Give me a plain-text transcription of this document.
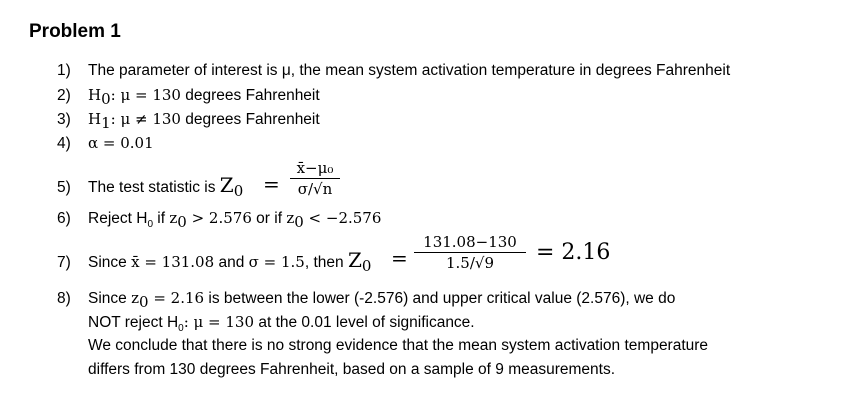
Problem 1
1) The parameter of interest is μ, the mean system activation temperature in degrees Fahrenheit
2) $H_0$: μ = 130 degrees Fahrenheit
3) $H_1$: μ ≠ 130 degrees Fahrenheit
4) α = 0.01
5) The test statistic is $Z_0$ =
x̄−μ₀
σ/√n
6) Reject $H_0$ if $z_0 > 2.576$ or if $z_0 < -2.576$
7) Since x̄ = 131.08 and σ = 1.5, then $Z_0$ =
131.08−130
1.5/√9	= 2.16
8) Since $z_0 = 2.16$ is between the lower (-2.576) and upper critical value (2.576), we do
NOT reject $H_0$: μ = 130 at the 0.01 level of significance.
We conclude that there is no strong evidence that the mean system activation temperature
differs from 130 degrees Fahrenheit, based on a sample of 9 measurements.
